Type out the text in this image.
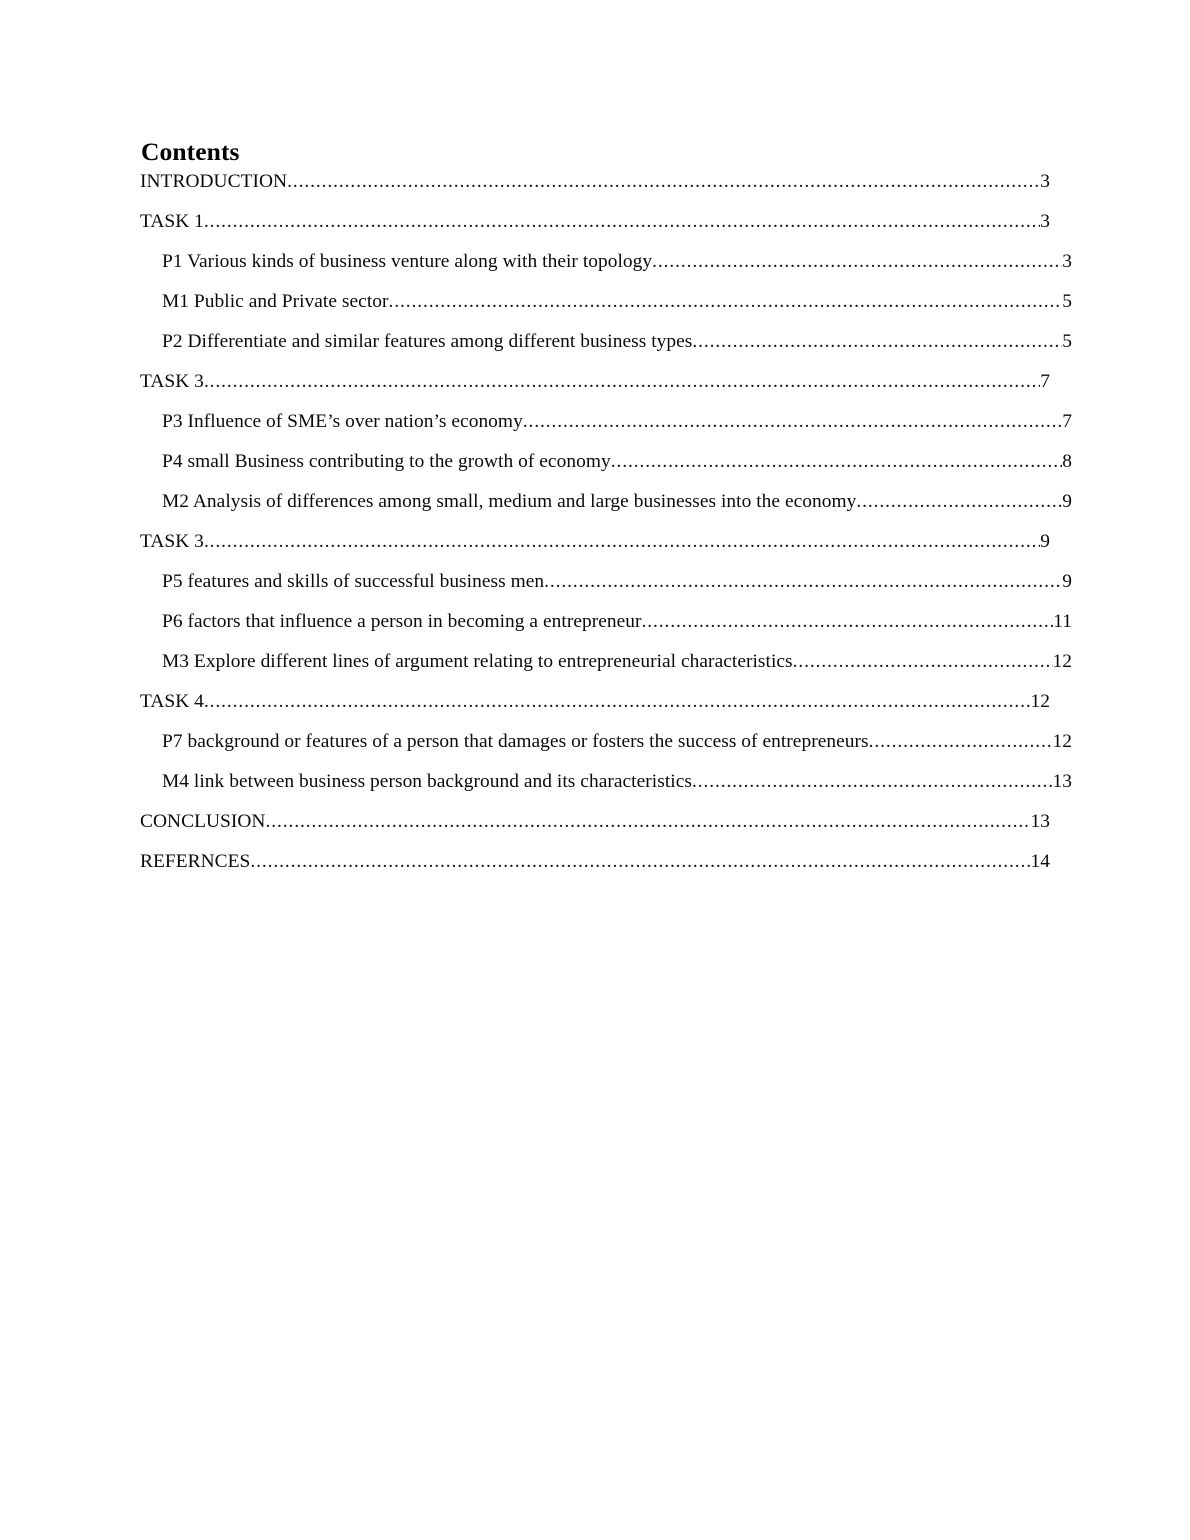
Contents
INTRODUCTION .....	3
TASK 1 .....	3
P1 Various kinds of business venture along with their topology .....	3
M1 Public and Private sector .....	5
P2 Differentiate and similar features among different business types .....	5
TASK 3 .....	7
P3 Influence of SME’s over nation’s economy .....	7
P4 small Business contributing to the growth of economy .....	8
M2 Analysis of differences among small, medium and large businesses into the economy .....	9
TASK 3 .....	9
P5 features and skills of successful business men .....	9
P6 factors that influence a person in becoming a entrepreneur .....	11
M3 Explore different lines of argument relating to entrepreneurial characteristics .....	12
TASK 4 .....	12
P7 background or features of a person that damages or fosters the success of entrepreneurs .....	12
M4 link between business person background and its characteristics .....	13
CONCLUSION .....	13
REFERNCES .....	14
